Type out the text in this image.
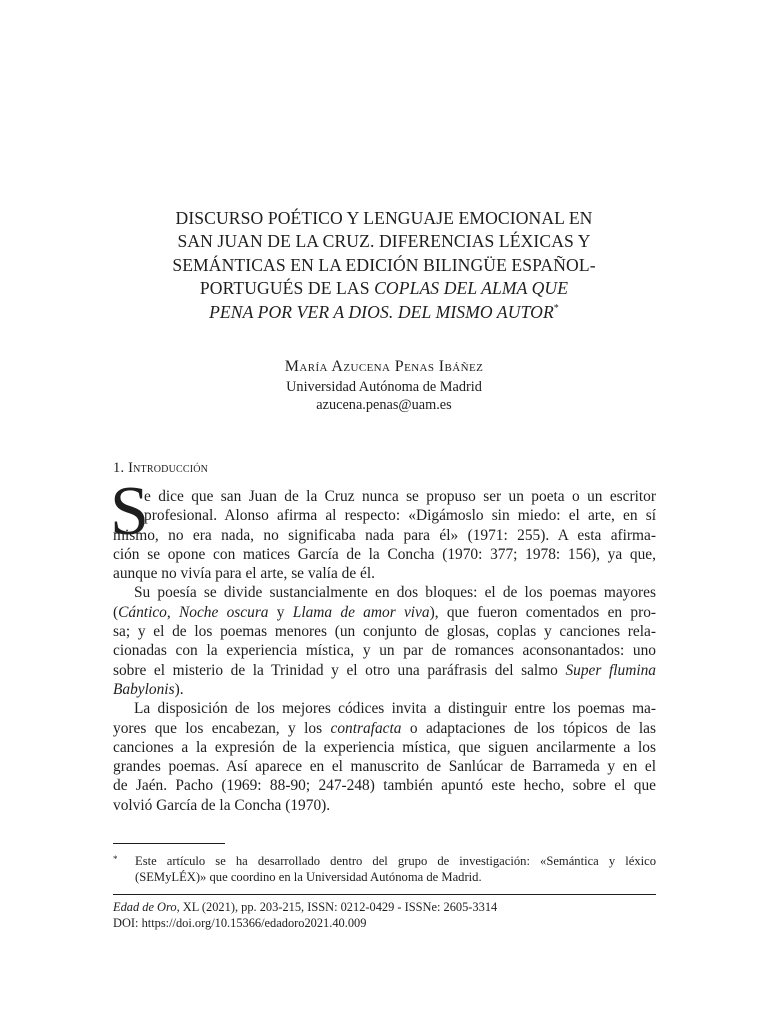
DISCURSO POÉTICO Y LENGUAJE EMOCIONAL EN
SAN JUAN DE LA CRUZ. DIFERENCIAS LÉXICAS Y
SEMÁNTICAS EN LA EDICIÓN BILINGÜE ESPAÑOL-
PORTUGUÉS DE LAS COPLAS DEL ALMA QUE
PENA POR VER A DIOS. DEL MISMO AUTOR*
María Azucena Penas Ibáñez
Universidad Autónoma de Madrid
azucena.penas@uam.es
1. Introducción
S
e dice que san Juan de la Cruz nunca se propuso ser un poeta o un escritor
profesional. Alonso afirma al respecto: «Digámoslo sin miedo: el arte, en sí
mismo, no era nada, no significaba nada para él» (1971: 255). A esta afirma-
ción se opone con matices García de la Concha (1970: 377; 1978: 156), ya que,
aunque no vivía para el arte, se valía de él.
Su poesía se divide sustancialmente en dos bloques: el de los poemas mayores
(Cántico, Noche oscura y Llama de amor viva), que fueron comentados en pro-
sa; y el de los poemas menores (un conjunto de glosas, coplas y canciones rela-
cionadas con la experiencia mística, y un par de romances aconsonantados: uno
sobre el misterio de la Trinidad y el otro una paráfrasis del salmo Super flumina
Babylonis).
La disposición de los mejores códices invita a distinguir entre los poemas ma-
yores que los encabezan, y los contrafacta o adaptaciones de los tópicos de las
canciones a la expresión de la experiencia mística, que siguen ancilarmente a los
grandes poemas. Así aparece en el manuscrito de Sanlúcar de Barrameda y en el
de Jaén. Pacho (1969: 88-90; 247-248) también apuntó este hecho, sobre el que
volvió García de la Concha (1970).
* Este artículo se ha desarrollado dentro del grupo de investigación: «Semántica y léxico
(SEMyLÉX)» que coordino en la Universidad Autónoma de Madrid.
Edad de Oro, XL (2021), pp. 203-215, ISSN: 0212-0429 - ISSNe: 2605-3314
DOI: https://doi.org/10.15366/edadoro2021.40.009
